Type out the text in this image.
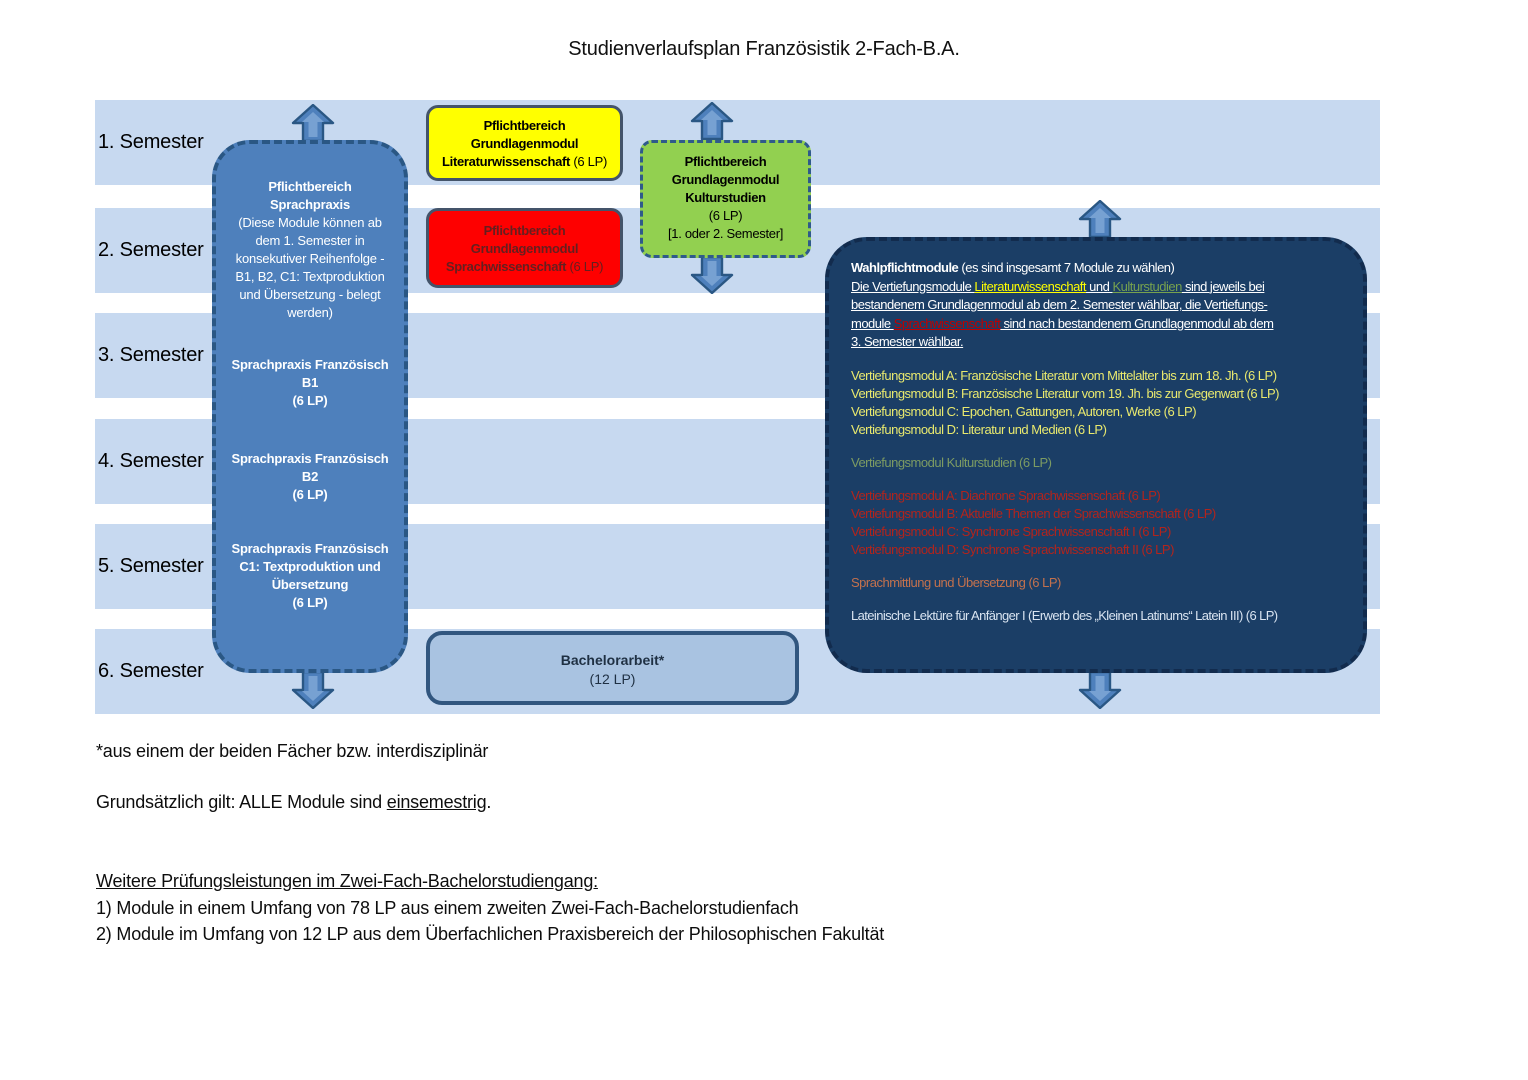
Studienverlaufsplan Französistik 2-Fach-B.A.
1. Semester
2. Semester
3. Semester
4. Semester
5. Semester
6. Semester
Pflichtbereich Sprachpraxis
(Diese Module können ab dem 1. Semester in konsekutiver Reihenfolge - B1, B2, C1: Textproduktion und Übersetzung - belegt werden)
Sprachpraxis Französisch B1
(6 LP)
Sprachpraxis Französisch B2
(6 LP)
Sprachpraxis Französisch C1: Textproduktion und Übersetzung
(6 LP)
Pflichtbereich Grundlagenmodul Literaturwissenschaft (6 LP)
Pflichtbereich Grundlagenmodul Sprachwissenschaft (6 LP)
Pflichtbereich Grundlagenmodul Kulturstudien
(6 LP)
[1. oder 2. Semester]
Wahlpflichtmodule (es sind insgesamt 7 Module zu wählen)
Die Vertiefungsmodule Literaturwissenschaft und Kulturstudien sind jeweils bei
bestandenem Grundlagenmodul ab dem 2. Semester wählbar, die Vertiefungs-
module Sprachwissenschaft sind nach bestandenem Grundlagenmodul ab dem
3. Semester wählbar.
Vertiefungsmodul A: Französische Literatur vom Mittelalter bis zum 18. Jh. (6 LP)
Vertiefungsmodul B: Französische Literatur vom 19. Jh. bis zur Gegenwart (6 LP)
Vertiefungsmodul C: Epochen, Gattungen, Autoren, Werke (6 LP)
Vertiefungsmodul D: Literatur und Medien (6 LP)
Vertiefungsmodul Kulturstudien (6 LP)
Vertiefungsmodul A: Diachrone Sprachwissenschaft (6 LP)
Vertiefungsmodul B: Aktuelle Themen der Sprachwissenschaft (6 LP)
Vertiefungsmodul C: Synchrone Sprachwissenschaft I (6 LP)
Vertiefungsmodul D: Synchrone Sprachwissenschaft II (6 LP)
Sprachmittlung und Übersetzung (6 LP)
Lateinische Lektüre für Anfänger I (Erwerb des „Kleinen Latinums“ Latein III) (6 LP)
Bachelorarbeit*
(12 LP)
*aus einem der beiden Fächer bzw. interdisziplinär
Grundsätzlich gilt: ALLE Module sind einsemestrig.
Weitere Prüfungsleistungen im Zwei-Fach-Bachelorstudiengang:
1) Module in einem Umfang von 78 LP aus einem zweiten Zwei-Fach-Bachelorstudienfach
2) Module im Umfang von 12 LP aus dem Überfachlichen Praxisbereich der Philosophischen Fakultät
